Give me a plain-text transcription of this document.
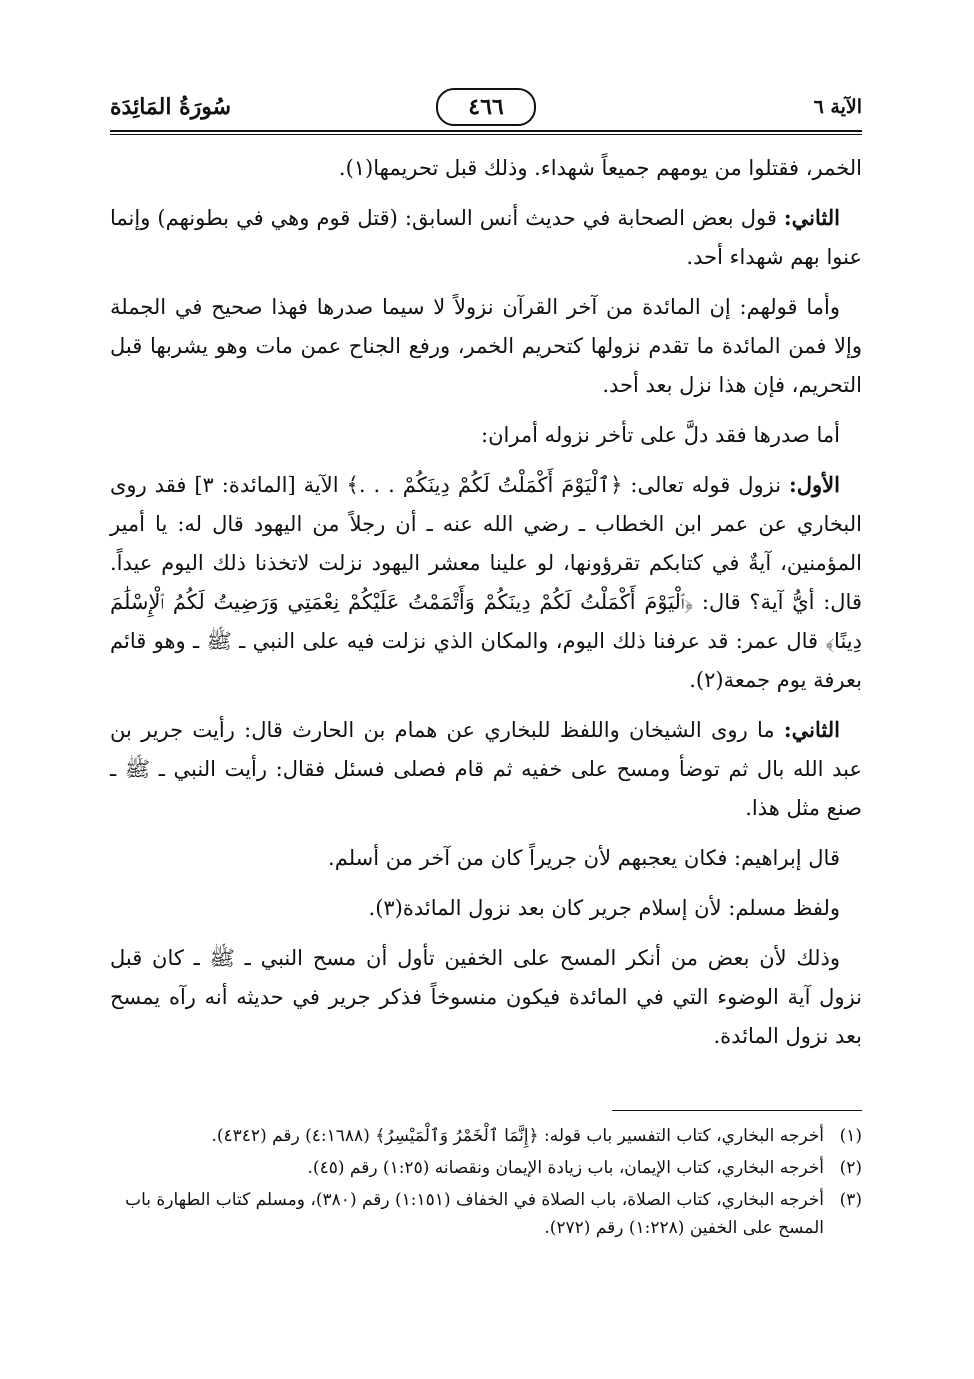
سُورَةُ المَائِدَة	٤٦٦	الآية ٦

الخمر، فقتلوا من يومهم جميعاً شهداء. وذلك قبل تحريمها(١).

الثاني: قول بعض الصحابة في حديث أنس السابق: (قتل قوم وهي في بطونهم) وإنما عنوا بهم شهداء أحد.

وأما قولهم: إن المائدة من آخر القرآن نزولاً لا سيما صدرها فهذا صحيح في الجملة وإلا فمن المائدة ما تقدم نزولها كتحريم الخمر، ورفع الجناح عمن مات وهو يشربها قبل التحريم، فإن هذا نزل بعد أحد.

أما صدرها فقد دلَّ على تأخر نزوله أمران:

الأول: نزول قوله تعالى: ﴿ٱلْيَوْمَ أَكْمَلْتُ لَكُمْ دِينَكُمْ . . .﴾ الآية [المائدة: ٣] فقد روى البخاري عن عمر ابن الخطاب ـ رضي الله عنه ـ أن رجلاً من اليهود قال له: يا أمير المؤمنين، آيةٌ في كتابكم تقرؤونها، لو علينا معشر اليهود نزلت لاتخذنا ذلك اليوم عيداً. قال: أيُّ آية؟ قال: ﴿ٱلْيَوْمَ أَكْمَلْتُ لَكُمْ دِينَكُمْ وَأَتْمَمْتُ عَلَيْكُمْ نِعْمَتِي وَرَضِيتُ لَكُمُ ٱلْإِسْلَٰمَ دِينًا﴾ قال عمر: قد عرفنا ذلك اليوم، والمكان الذي نزلت فيه على النبي ـ ﷺ ـ وهو قائم بعرفة يوم جمعة(٢).

الثاني: ما روى الشيخان واللفظ للبخاري عن همام بن الحارث قال: رأيت جرير بن عبد الله بال ثم توضأ ومسح على خفيه ثم قام فصلى فسئل فقال: رأيت النبي ـ ﷺ ـ صنع مثل هذا.

قال إبراهيم: فكان يعجبهم لأن جريراً كان من آخر من أسلم.

ولفظ مسلم: لأن إسلام جرير كان بعد نزول المائدة(٣).

وذلك لأن بعض من أنكر المسح على الخفين تأول أن مسح النبي ـ ﷺ ـ كان قبل نزول آية الوضوء التي في المائدة فيكون منسوخاً فذكر جرير في حديثه أنه رآه يمسح بعد نزول المائدة.

(١)
أخرجه البخاري، كتاب التفسير باب قوله: ﴿إِنَّمَا ٱلْخَمْرُ وَٱلْمَيْسِرُ﴾ (٤:١٦٨٨) رقم (٤٣٤٢).
(٢)
أخرجه البخاري، كتاب الإيمان، باب زيادة الإيمان ونقصانه (١:٢٥) رقم (٤٥).
(٣)
أخرجه البخاري، كتاب الصلاة، باب الصلاة في الخفاف (١:١٥١) رقم (٣٨٠)، ومسلم كتاب الطهارة باب المسح على الخفين (١:٢٢٨) رقم (٢٧٢).
